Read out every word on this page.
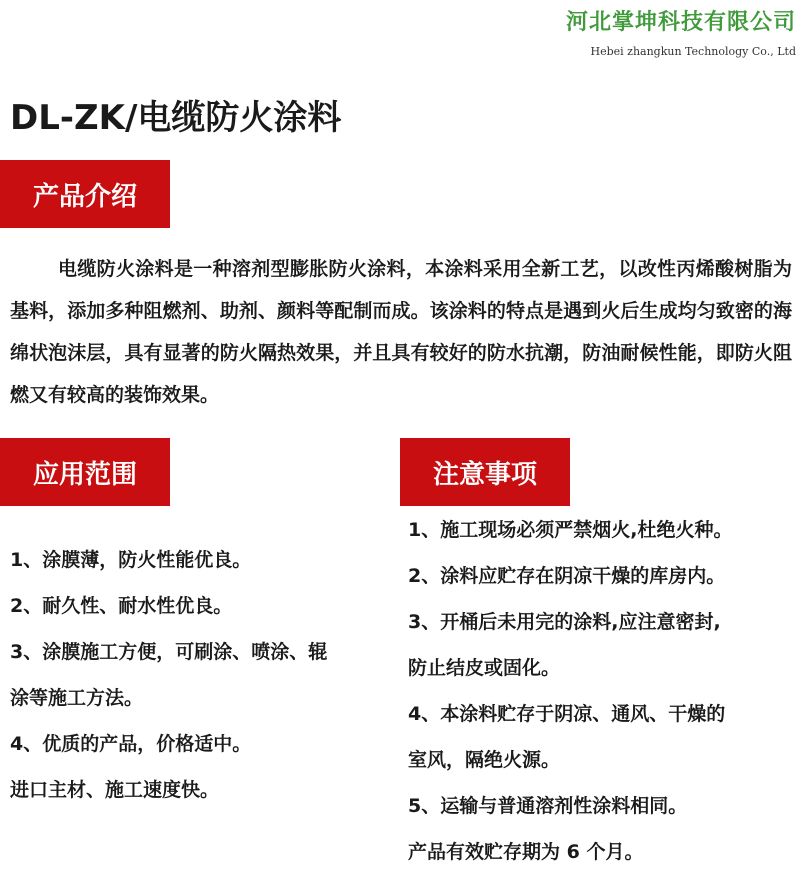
河北掌坤科技有限公司
Hebei zhangkun Technology Co., Ltd
DL-ZK/电缆防火涂料
产品介绍

电缆防火涂料是一种溶剂型膨胀防火涂料，本涂料采用全新工艺，以改性丙烯酸树脂为基料，添加多种阻燃剂、助剂、颜料等配制而成。该涂料的特点是遇到火后生成均匀致密的海绵状泡沫层，具有显著的防火隔热效果，并且具有较好的防水抗潮，防油耐候性能，即防火阻燃又有较高的装饰效果。

应用范围
1、涂膜薄，防火性能优良。
2、耐久性、耐水性优良。
3、涂膜施工方便，可刷涂、喷涂、辊
涂等施工方法。
4、优质的产品，价格适中。
进口主材、施工速度快。
注意事项
1、施工现场必须严禁烟火,杜绝火种。
2、涂料应贮存在阴凉干燥的库房内。
3、开桶后未用完的涂料,应注意密封,
防止结皮或固化。
4、本涂料贮存于阴凉、通风、干燥的
室风，隔绝火源。
5、运输与普通溶剂性涂料相同。
产品有效贮存期为 6 个月。
